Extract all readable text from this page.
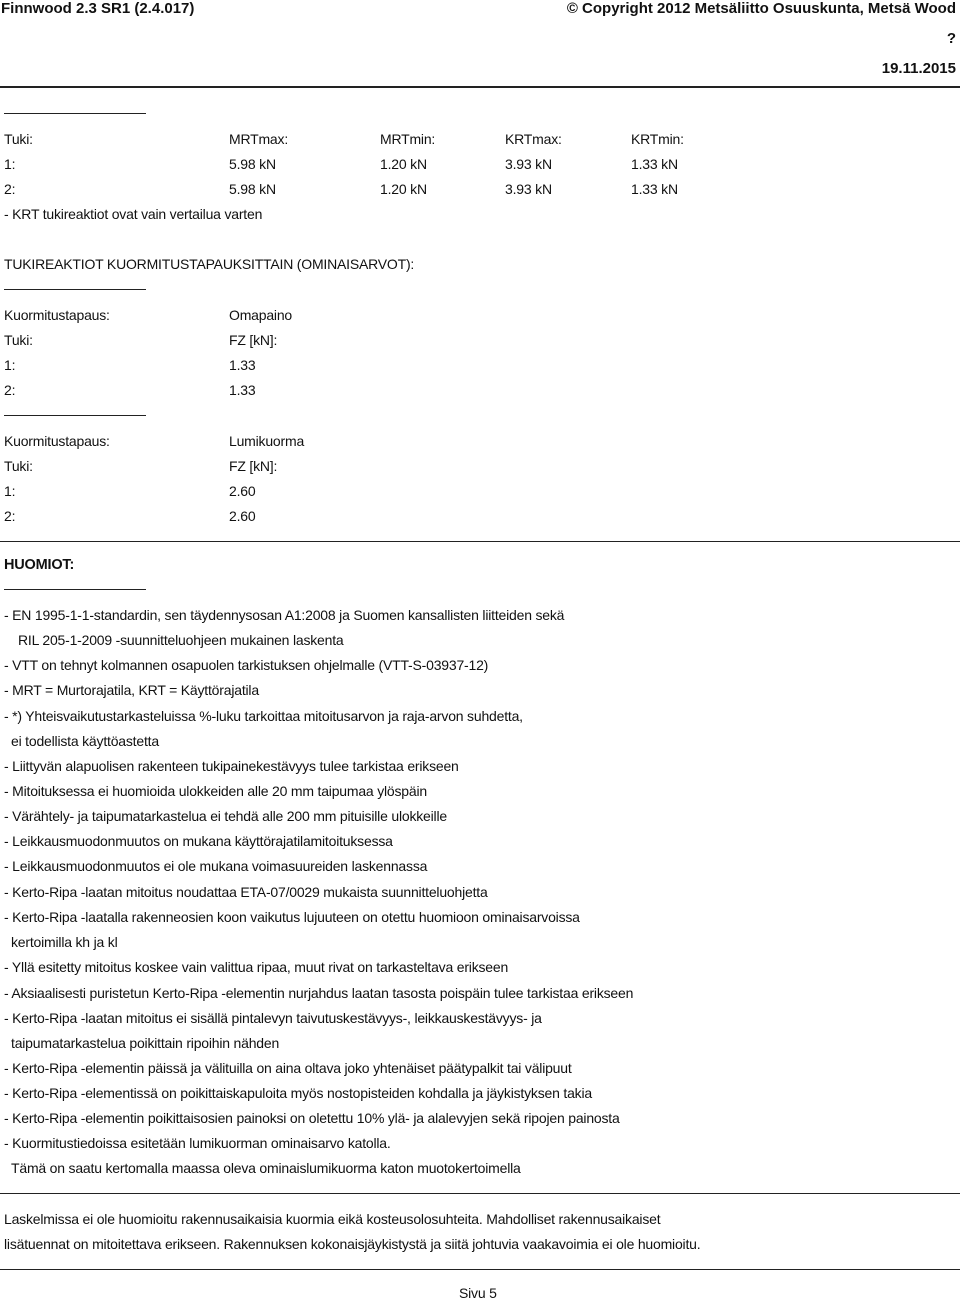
Finnwood 2.3 SR1 (2.4.017)	© Copyright 2012 Metsäliitto Osuuskunta, Metsä Wood
?
19.11.2015
Tuki:	MRTmax:	MRTmin:	KRTmax:	KRTmin:
1:	5.98 kN	1.20 kN	3.93 kN	1.33 kN
2:	5.98 kN	1.20 kN	3.93 kN	1.33 kN
- KRT tukireaktiot ovat vain vertailua varten
TUKIREAKTIOT KUORMITUSTAPAUKSITTAIN (OMINAISARVOT):
Kuormitustapaus:	Omapaino
Tuki:	FZ [kN]:
1:	1.33
2:	1.33
Kuormitustapaus:	Lumikuorma
Tuki:	FZ [kN]:
1:	2.60
2:	2.60
HUOMIOT:
- EN 1995-1-1-standardin, sen täydennysosan A1:2008 ja Suomen kansallisten liitteiden sekä
RIL 205-1-2009 -suunnitteluohjeen mukainen laskenta
- VTT on tehnyt kolmannen osapuolen tarkistuksen ohjelmalle (VTT-S-03937-12)
- MRT = Murtorajatila, KRT = Käyttörajatila
- *) Yhteisvaikutustarkasteluissa %-luku tarkoittaa mitoitusarvon ja raja-arvon suhdetta,
ei todellista käyttöastetta
- Liittyvän alapuolisen rakenteen tukipainekestävyys tulee tarkistaa erikseen
- Mitoituksessa ei huomioida ulokkeiden alle 20 mm taipumaa ylöspäin
- Värähtely- ja taipumatarkastelua ei tehdä alle 200 mm pituisille ulokkeille
- Leikkausmuodonmuutos on mukana käyttörajatilamitoituksessa
- Leikkausmuodonmuutos ei ole mukana voimasuureiden laskennassa
- Kerto-Ripa -laatan mitoitus noudattaa ETA-07/0029 mukaista suunnitteluohjetta
- Kerto-Ripa -laatalla rakenneosien koon vaikutus lujuuteen on otettu huomioon ominaisarvoissa
kertoimilla kh ja kl
- Yllä esitetty mitoitus koskee vain valittua ripaa, muut rivat on tarkasteltava erikseen
- Aksiaalisesti puristetun Kerto-Ripa -elementin nurjahdus laatan tasosta poispäin tulee tarkistaa erikseen
- Kerto-Ripa -laatan mitoitus ei sisällä pintalevyn taivutuskestävyys-, leikkauskestävyys- ja
taipumatarkastelua poikittain ripoihin nähden
- Kerto-Ripa -elementin päissä ja välituilla on aina oltava joko yhtenäiset päätypalkit tai välipuut
- Kerto-Ripa -elementissä on poikittaiskapuloita myös nostopisteiden kohdalla ja jäykistyksen takia
- Kerto-Ripa -elementin poikittaisosien painoksi on oletettu 10% ylä- ja alalevyjen sekä ripojen painosta
- Kuormitustiedoissa esitetään lumikuorman ominaisarvo katolla.
Tämä on saatu kertomalla maassa oleva ominaislumikuorma katon muotokertoimella
Laskelmissa ei ole huomioitu rakennusaikaisia kuormia eikä kosteusolosuhteita. Mahdolliset rakennusaikaiset
lisätuennat on mitoitettava erikseen. Rakennuksen kokonaisjäykistystä ja siitä johtuvia vaakavoimia ei ole huomioitu.
Sivu 5
